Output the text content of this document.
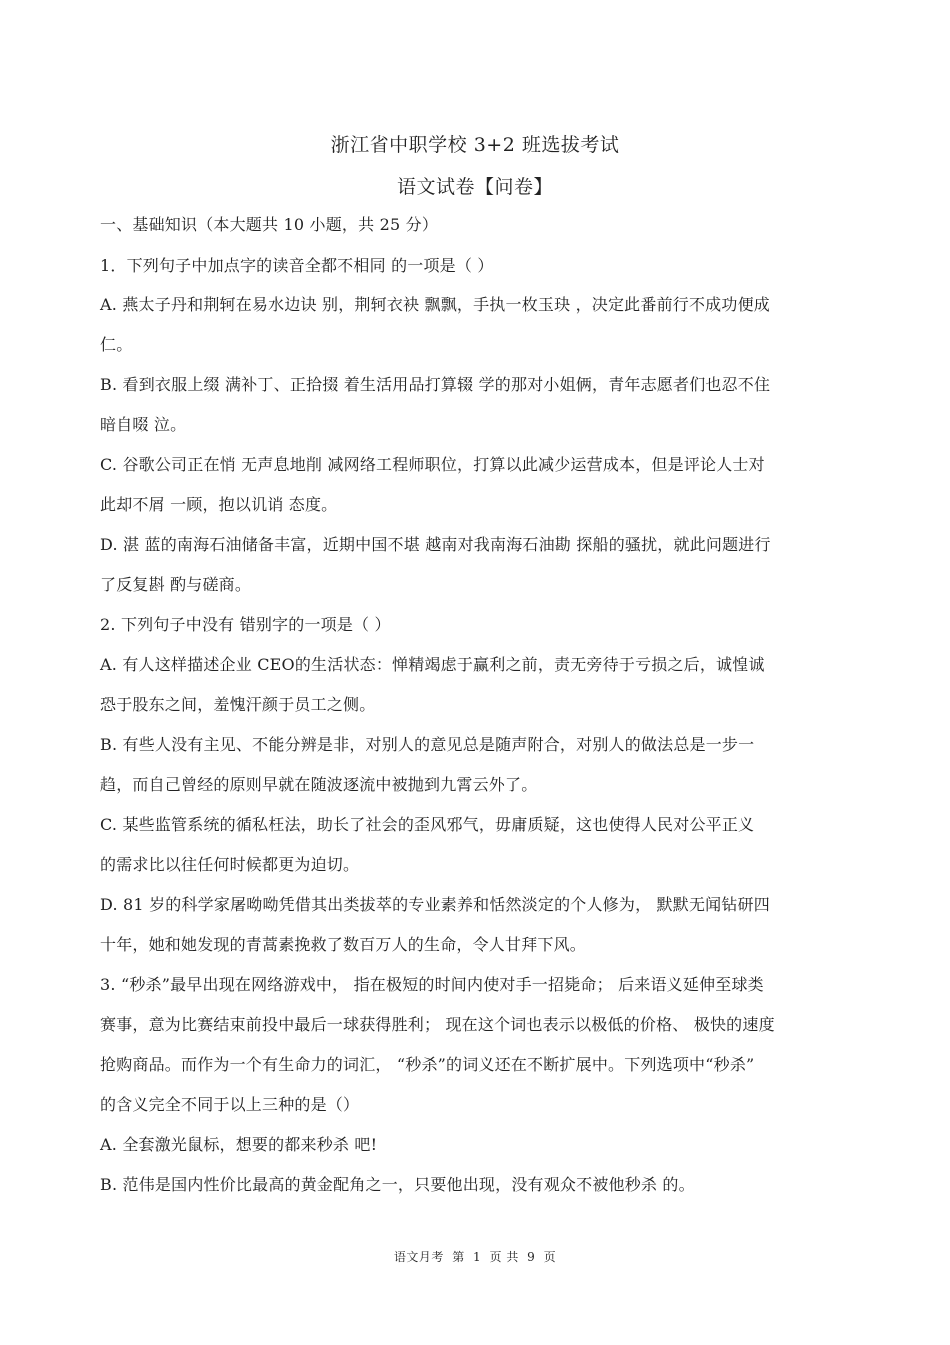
浙江省中职学校 3+2 班选拔考试
语文试卷【问卷】
一、基础知识（本大题共 10 小题，共 25 分）
1．下列句子中加点字的读音全都不相同 的一项是（ ）
A. 燕太子丹和荆轲在易水边诀 别，荆轲衣袂 飘飘，手执一枚玉玦 ，决定此番前行不成功便成
仁。
B. 看到衣服上缀 满补丁、正拾掇 着生活用品打算辍 学的那对小姐俩，青年志愿者们也忍不住
暗自啜 泣。
C. 谷歌公司正在悄 无声息地削 减网络工程师职位，打算以此减少运营成本，但是评论人士对
此却不屑 一顾，抱以讥诮 态度。
D. 湛 蓝的南海石油储备丰富，近期中国不堪 越南对我南海石油勘 探船的骚扰，就此问题进行
了反复斟 酌与磋商。
2. 下列句子中没有 错别字的一项是（ ）
A. 有人这样描述企业 CEO的生活状态：惮精竭虑于赢利之前，责无旁待于亏损之后，诚惶诚
恐于股东之间，羞愧汗颜于员工之侧。
B. 有些人没有主见、不能分辨是非，对别人的意见总是随声附合，对别人的做法总是一步一
趋，而自己曾经的原则早就在随波逐流中被抛到九霄云外了。
C. 某些监管系统的循私枉法，助长了社会的歪风邪气，毋庸质疑，这也使得人民对公平正义
的需求比以往任何时候都更为迫切。
D. 81 岁的科学家屠呦呦凭借其出类拔萃的专业素养和恬然淡定的个人修为， 默默无闻钻研四
十年，她和她发现的青蒿素挽救了数百万人的生命，令人甘拜下风。
3. “秒杀”最早出现在网络游戏中， 指在极短的时间内使对手一招毙命； 后来语义延伸至球类
赛事，意为比赛结束前投中最后一球获得胜利； 现在这个词也表示以极低的价格、 极快的速度
抢购商品。而作为一个有生命力的词汇， “秒杀”的词义还在不断扩展中。下列选项中“秒杀”
的含义完全不同于以上三种的是（）
A. 全套激光鼠标，想要的都来秒杀 吧!
B. 范伟是国内性价比最高的黄金配角之一，只要他出现，没有观众不被他秒杀 的。
语文月考 第 1 页 共 9 页
